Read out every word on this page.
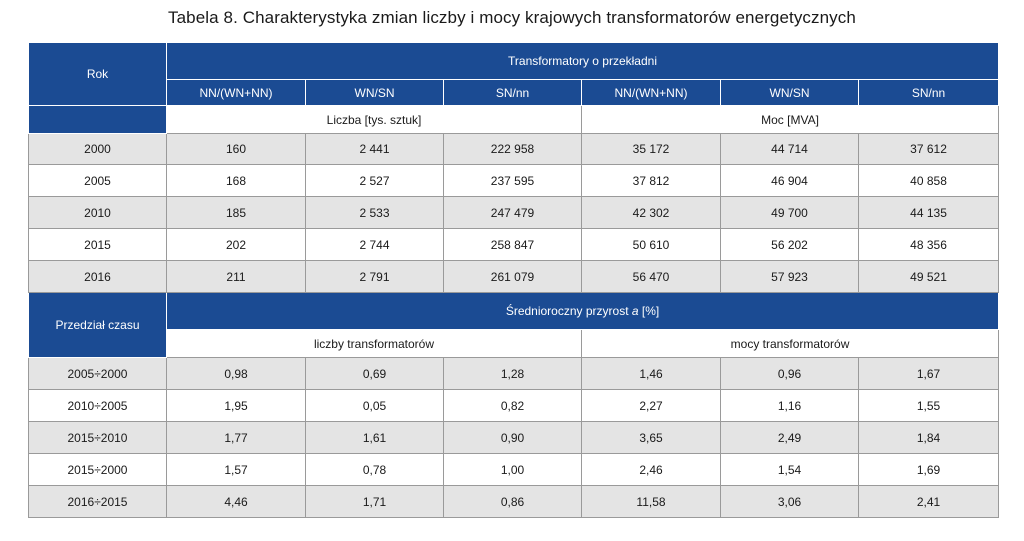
Tabela 8. Charakterystyka zmian liczby i mocy krajowych transformatorów energetycznych
Rok	Transformatory o przekładni					
	NN/(WN+NN)	WN/SN	SN/nn	NN/(WN+NN)	WN/SN	SN/nn
	Liczba [tys. sztuk]			Moc [MVA]		
2000	160	2 441	222 958	35 172	44 714	37 612
2005	168	2 527	237 595	37 812	46 904	40 858
2010	185	2 533	247 479	42 302	49 700	44 135
2015	202	2 744	258 847	50 610	56 202	48 356
2016	211	2 791	261 079	56 470	57 923	49 521
Przedział czasu	Średnioroczny przyrost a [%]					
	liczby transformatorów			mocy transformatorów		
2005÷2000	0,98	0,69	1,28	1,46	0,96	1,67
2010÷2005	1,95	0,05	0,82	2,27	1,16	1,55
2015÷2010	1,77	1,61	0,90	3,65	2,49	1,84
2015÷2000	1,57	0,78	1,00	2,46	1,54	1,69
2016÷2015	4,46	1,71	0,86	11,58	3,06	2,41
